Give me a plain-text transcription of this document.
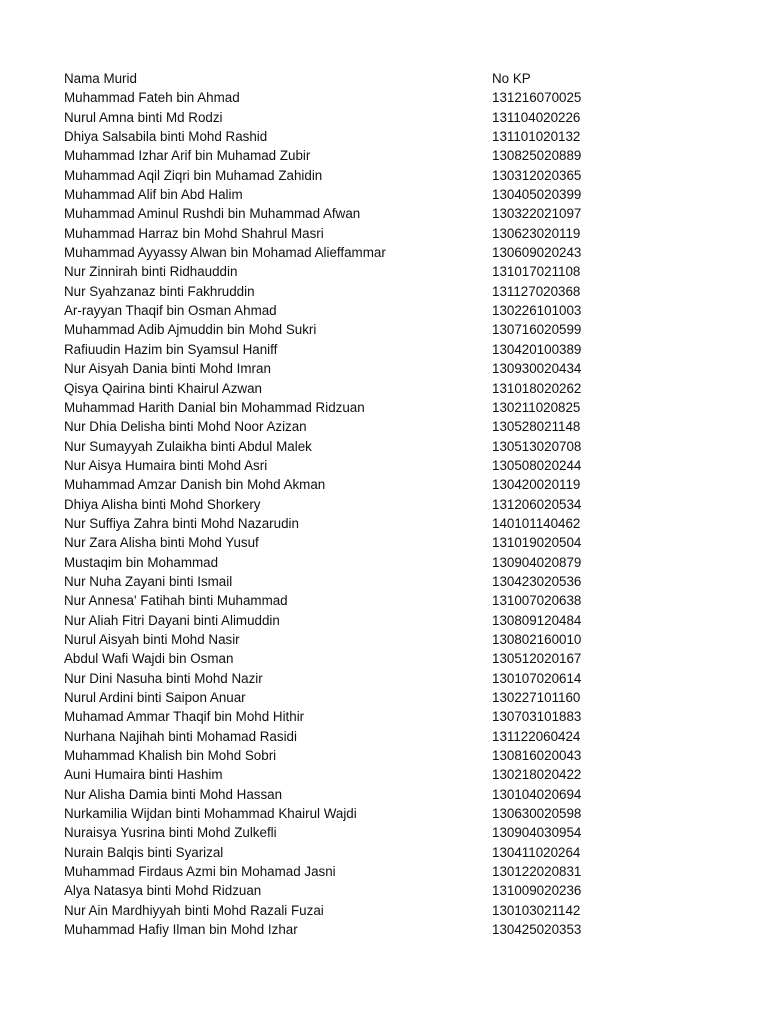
Nama Murid	No KP
Muhammad Fateh bin Ahmad	131216070025
Nurul Amna binti Md Rodzi	131104020226
Dhiya Salsabila binti Mohd Rashid	131101020132
Muhammad Izhar Arif bin Muhamad Zubir	130825020889
Muhammad Aqil Ziqri bin Muhamad Zahidin	130312020365
Muhammad Alif bin Abd Halim	130405020399
Muhammad Aminul Rushdi bin Muhammad Afwan	130322021097
Muhammad Harraz bin Mohd Shahrul Masri	130623020119
Muhammad Ayyassy Alwan bin Mohamad Alieffammar	130609020243
Nur Zinnirah binti Ridhauddin	131017021108
Nur Syahzanaz binti Fakhruddin	131127020368
Ar-rayyan Thaqif bin Osman Ahmad	130226101003
Muhammad Adib Ajmuddin bin Mohd Sukri	130716020599
Rafiuudin Hazim bin Syamsul Haniff	130420100389
Nur Aisyah Dania binti Mohd Imran	130930020434
Qisya Qairina binti Khairul Azwan	131018020262
Muhammad Harith Danial bin Mohammad Ridzuan	130211020825
Nur Dhia Delisha binti Mohd Noor Azizan	130528021148
Nur Sumayyah Zulaikha binti Abdul Malek	130513020708
Nur Aisya Humaira binti Mohd Asri	130508020244
Muhammad Amzar Danish bin Mohd Akman	130420020119
Dhiya Alisha binti Mohd Shorkery	131206020534
Nur Suffiya Zahra binti Mohd Nazarudin	140101140462
Nur Zara Alisha binti Mohd Yusuf	131019020504
Mustaqim bin Mohammad	130904020879
Nur Nuha Zayani binti Ismail	130423020536
Nur Annesa' Fatihah binti Muhammad	131007020638
Nur Aliah Fitri Dayani binti Alimuddin	130809120484
Nurul Aisyah binti Mohd Nasir	130802160010
Abdul Wafi Wajdi bin Osman	130512020167
Nur Dini Nasuha binti Mohd Nazir	130107020614
Nurul Ardini binti Saipon Anuar	130227101160
Muhamad Ammar Thaqif bin Mohd Hithir	130703101883
Nurhana Najihah binti Mohamad Rasidi	131122060424
Muhammad Khalish bin Mohd Sobri	130816020043
Auni Humaira binti Hashim	130218020422
Nur Alisha Damia binti Mohd Hassan	130104020694
Nurkamilia Wijdan binti Mohammad Khairul Wajdi	130630020598
Nuraisya Yusrina binti Mohd Zulkefli	130904030954
Nurain Balqis binti Syarizal	130411020264
Muhammad Firdaus Azmi bin Mohamad Jasni	130122020831
Alya Natasya binti Mohd Ridzuan	131009020236
Nur Ain Mardhiyyah binti Mohd Razali Fuzai	130103021142
Muhammad Hafiy Ilman bin Mohd Izhar	130425020353
